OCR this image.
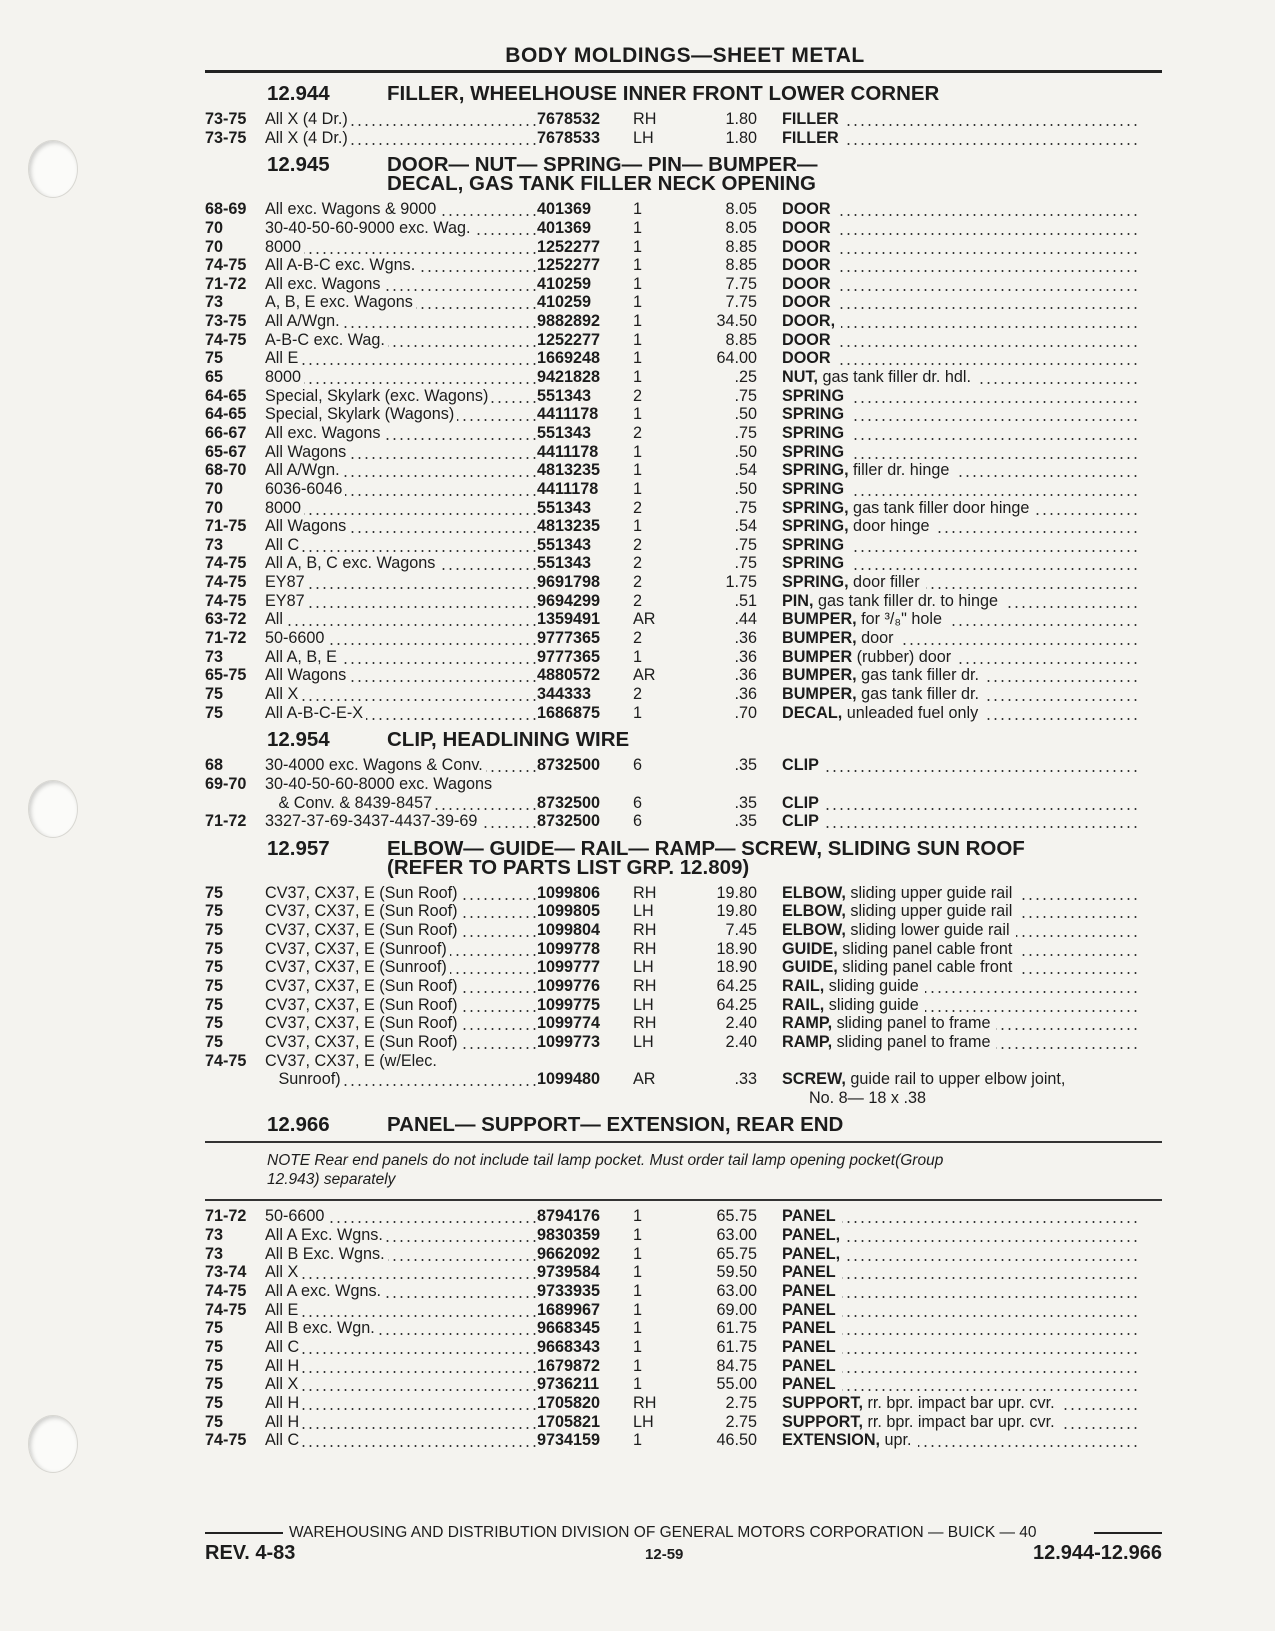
BODY MOLDINGS—SHEET METAL
12.944	FILLER, WHEELHOUSE INNER FRONT LOWER CORNER
73-75	All X (4 Dr.)	7678532	RH	1.80	FILLER
73-75	All X (4 Dr.)	7678533	LH	1.80	FILLER
12.945	DOOR— NUT— SPRING— PIN— BUMPER—
DECAL, GAS TANK FILLER NECK OPENING
68-69	All exc. Wagons & 9000	401369	1	8.05	DOOR
70	30-40-50-60-9000 exc. Wag.	401369	1	8.05	DOOR
70	8000	1252277	1	8.85	DOOR
74-75	All A-B-C exc. Wgns.	1252277	1	8.85	DOOR
71-72	All exc. Wagons	410259	1	7.75	DOOR
73	A, B, E exc. Wagons	410259	1	7.75	DOOR
73-75	All A/Wgn.	9882892	1	34.50	DOOR,
74-75	A-B-C exc. Wag.	1252277	1	8.85	DOOR
75	All E	1669248	1	64.00	DOOR
65	8000	9421828	1	.25	NUT, gas tank filler dr. hdl.
64-65	Special, Skylark (exc. Wagons)	551343	2	.75	SPRING
64-65	Special, Skylark (Wagons)	4411178	1	.50	SPRING
66-67	All exc. Wagons	551343	2	.75	SPRING
65-67	All Wagons	4411178	1	.50	SPRING
68-70	All A/Wgn.	4813235	1	.54	SPRING, filler dr. hinge
70	6036-6046	4411178	1	.50	SPRING
70	8000	551343	2	.75	SPRING, gas tank filler door hinge
71-75	All Wagons	4813235	1	.54	SPRING, door hinge
73	All C	551343	2	.75	SPRING
74-75	All A, B, C exc. Wagons	551343	2	.75	SPRING
74-75	EY87	9691798	2	1.75	SPRING, door filler
74-75	EY87	9694299	2	.51	PIN, gas tank filler dr. to hinge
63-72	All	1359491	AR	.44	BUMPER, for ³/₈" hole
71-72	50-6600	9777365	2	.36	BUMPER, door
73	All A, B, E	9777365	1	.36	BUMPER (rubber) door
65-75	All Wagons	4880572	AR	.36	BUMPER, gas tank filler dr.
75	All X	344333	2	.36	BUMPER, gas tank filler dr.
75	All A-B-C-E-X	1686875	1	.70	DECAL, unleaded fuel only
12.954	CLIP, HEADLINING WIRE
68	30-4000 exc. Wagons & Conv.	8732500	6	.35	CLIP
69-70	30-40-50-60-8000 exc. Wagons
& Conv. & 8439-8457	8732500	6	.35	CLIP
71-72	3327-37-69-3437-4437-39-69	8732500	6	.35	CLIP
12.957	ELBOW— GUIDE— RAIL— RAMP— SCREW, SLIDING SUN ROOF
(REFER TO PARTS LIST GRP. 12.809)
75	CV37, CX37, E (Sun Roof)	1099806	RH	19.80	ELBOW, sliding upper guide rail
75	CV37, CX37, E (Sun Roof)	1099805	LH	19.80	ELBOW, sliding upper guide rail
75	CV37, CX37, E (Sun Roof)	1099804	RH	7.45	ELBOW, sliding lower guide rail
75	CV37, CX37, E (Sunroof)	1099778	RH	18.90	GUIDE, sliding panel cable front
75	CV37, CX37, E (Sunroof)	1099777	LH	18.90	GUIDE, sliding panel cable front
75	CV37, CX37, E (Sun Roof)	1099776	RH	64.25	RAIL, sliding guide
75	CV37, CX37, E (Sun Roof)	1099775	LH	64.25	RAIL, sliding guide
75	CV37, CX37, E (Sun Roof)	1099774	RH	2.40	RAMP, sliding panel to frame
75	CV37, CX37, E (Sun Roof)	1099773	LH	2.40	RAMP, sliding panel to frame
74-75	CV37, CX37, E (w/Elec.
Sunroof)	1099480	AR	.33	SCREW, guide rail to upper elbow joint,
No. 8— 18 x .38
12.966	PANEL— SUPPORT— EXTENSION, REAR END
NOTE Rear end panels do not include tail lamp pocket. Must order tail lamp opening pocket(Group
12.943) separately
71-72	50-6600	8794176	1	65.75	PANEL
73	All A Exc. Wgns.	9830359	1	63.00	PANEL,
73	All B Exc. Wgns.	9662092	1	65.75	PANEL,
73-74	All X	9739584	1	59.50	PANEL
74-75	All A exc. Wgns.	9733935	1	63.00	PANEL
74-75	All E	1689967	1	69.00	PANEL
75	All B exc. Wgn.	9668345	1	61.75	PANEL
75	All C	9668343	1	61.75	PANEL
75	All H	1679872	1	84.75	PANEL
75	All X	9736211	1	55.00	PANEL
75	All H	1705820	RH	2.75	SUPPORT, rr. bpr. impact bar upr. cvr.
75	All H	1705821	LH	2.75	SUPPORT, rr. bpr. impact bar upr. cvr.
74-75	All C	9734159	1	46.50	EXTENSION, upr.
WAREHOUSING AND DISTRIBUTION DIVISION OF GENERAL MOTORS CORPORATION — BUICK — 40
REV. 4-83	12-59	12.944-12.966
